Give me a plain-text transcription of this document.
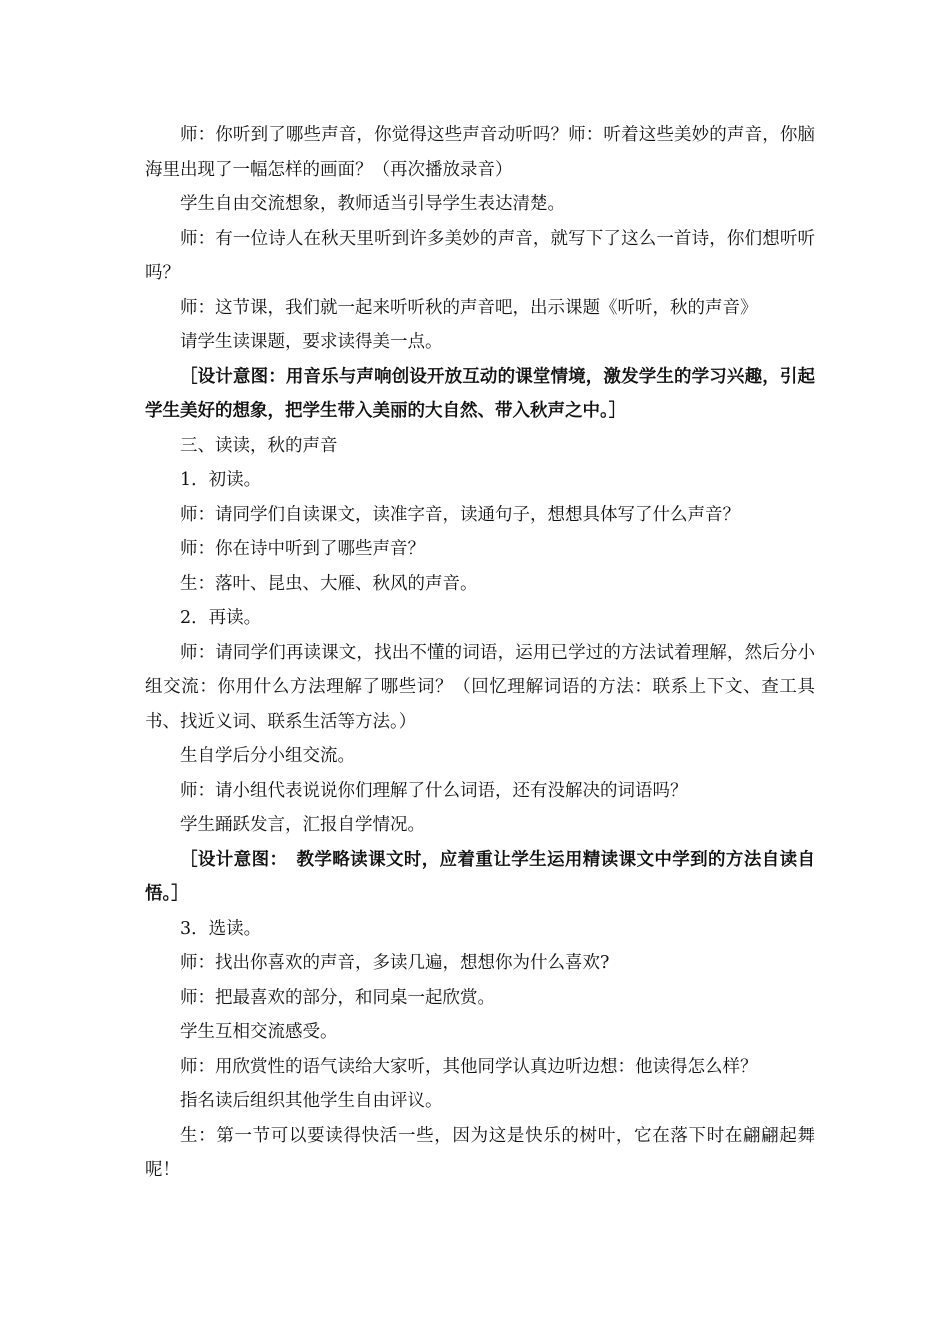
师：你听到了哪些声音，你觉得这些声音动听吗？师：听着这些美妙的声音，你脑海里出现了一幅怎样的画面？（再次播放录音）

学生自由交流想象，教师适当引导学生表达清楚。

师：有一位诗人在秋天里听到许多美妙的声音，就写下了这么一首诗，你们想听听吗？

师：这节课，我们就一起来听听秋的声音吧，出示课题《听听，秋的声音》

请学生读课题，要求读得美一点。

［设计意图：用音乐与声响创设开放互动的课堂情境，激发学生的学习兴趣，引起学生美好的想象，把学生带入美丽的大自然、带入秋声之中。］

三、读读，秋的声音

1．初读。

师：请同学们自读课文，读准字音，读通句子，想想具体写了什么声音？

师：你在诗中听到了哪些声音？

生：落叶、昆虫、大雁、秋风的声音。

2．再读。

师：请同学们再读课文，找出不懂的词语，运用已学过的方法试着理解，然后分小组交流：你用什么方法理解了哪些词？（回忆理解词语的方法：联系上下文、查工具书、找近义词、联系生活等方法。）

生自学后分小组交流。

师：请小组代表说说你们理解了什么词语，还有没解决的词语吗？

学生踊跃发言，汇报自学情况。

［设计意图：　教学略读课文时，应着重让学生运用精读课文中学到的方法自读自悟。］

3．选读。

师：找出你喜欢的声音，多读几遍，想想你为什么喜欢?

师：把最喜欢的部分，和同桌一起欣赏。

学生互相交流感受。

师：用欣赏性的语气读给大家听，其他同学认真边听边想：他读得怎么样？

指名读后组织其他学生自由评议。

生：第一节可以要读得快活一些，因为这是快乐的树叶，它在落下时在翩翩起舞呢！
